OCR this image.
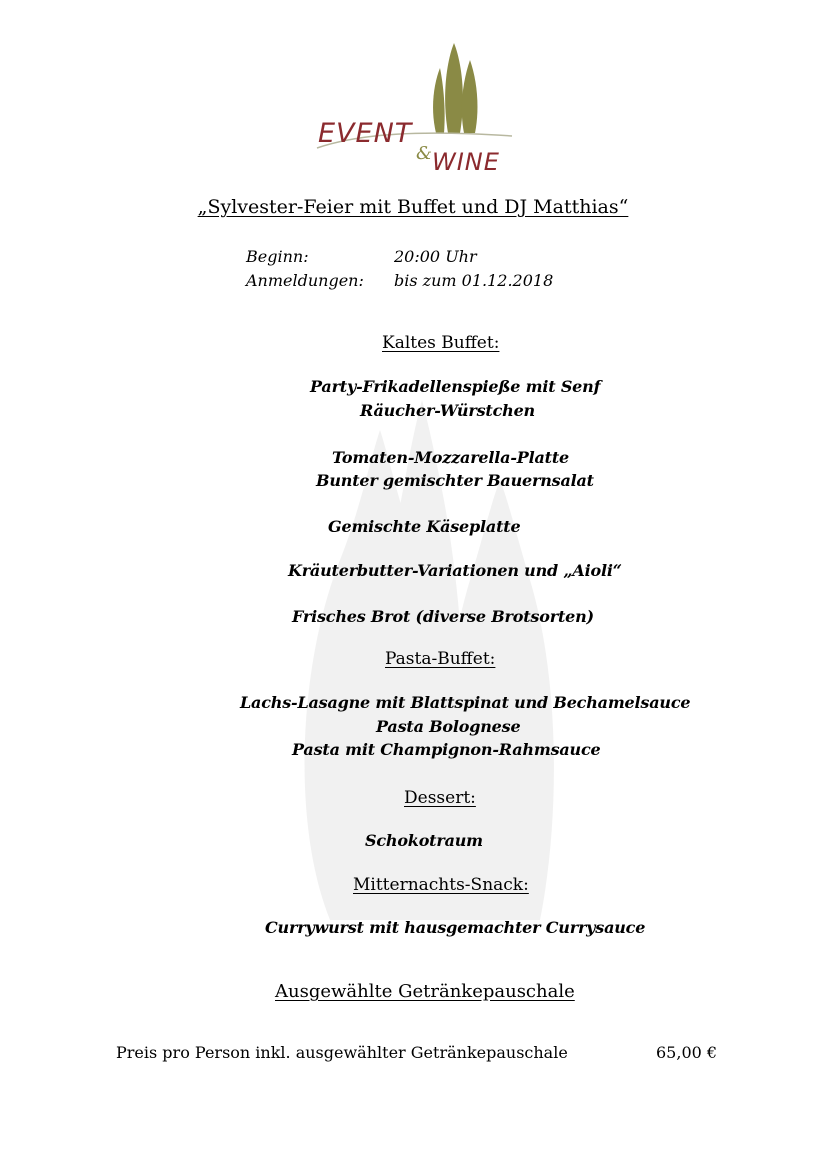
EVENT
& WINE
„Sylvester-Feier mit Buffet und DJ Matthias“
Beginn:	20:00 Uhr
Anmeldungen: bis zum 01.12.2018
Kaltes Buffet:
Party-Frikadellenspieße mit Senf
Räucher-Würstchen
Tomaten-Mozzarella-Platte
Bunter gemischter Bauernsalat
Gemischte Käseplatte
Kräuterbutter-Variationen und „Aioli“
Frisches Brot (diverse Brotsorten)
Pasta-Buffet:
Lachs-Lasagne mit Blattspinat und Bechamelsauce
Pasta Bolognese
Pasta mit Champignon-Rahmsauce
Dessert:
Schokotraum
Mitternachts-Snack:
Currywurst mit hausgemachter Currysauce
Ausgewählte Getränkepauschale
Preis pro Person inkl. ausgewählter Getränkepauschale	65,00 €
